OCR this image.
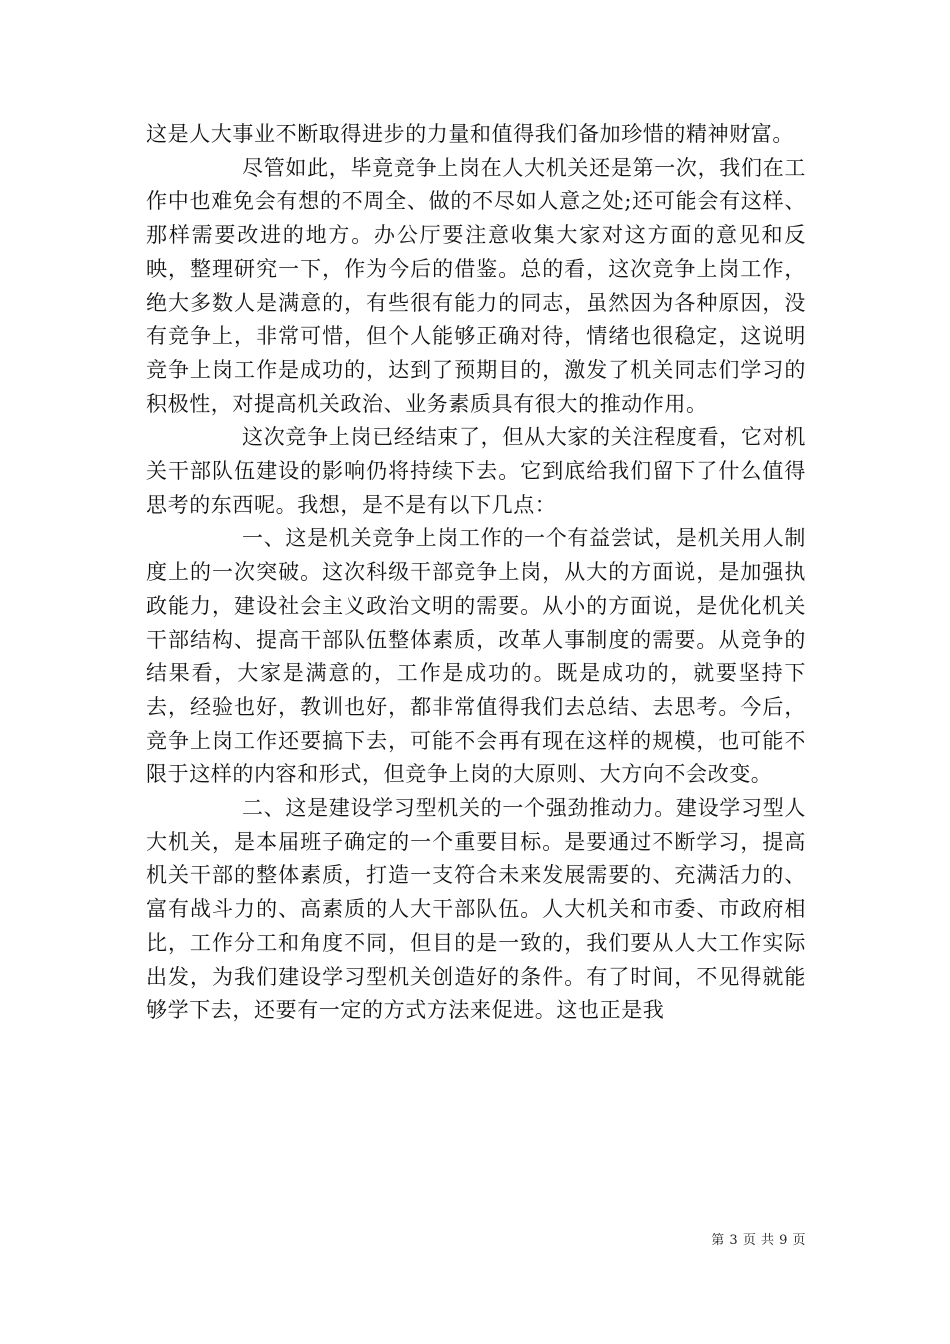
这是人大事业不断取得进步的力量和值得我们备加珍惜的精神财富。

尽管如此，毕竟竞争上岗在人大机关还是第一次，我们在工作中也难免会有想的不周全、做的不尽如人意之处;还可能会有这样、那样需要改进的地方。办公厅要注意收集大家对这方面的意见和反映，整理研究一下，作为今后的借鉴。总的看，这次竞争上岗工作，绝大多数人是满意的，有些很有能力的同志，虽然因为各种原因，没有竞争上，非常可惜，但个人能够正确对待，情绪也很稳定，这说明竞争上岗工作是成功的，达到了预期目的，激发了机关同志们学习的积极性，对提高机关政治、业务素质具有很大的推动作用。

这次竞争上岗已经结束了，但从大家的关注程度看，它对机关干部队伍建设的影响仍将持续下去。它到底给我们留下了什么值得思考的东西呢。我想，是不是有以下几点：

一、这是机关竞争上岗工作的一个有益尝试，是机关用人制度上的一次突破。这次科级干部竞争上岗，从大的方面说，是加强执政能力，建设社会主义政治文明的需要。从小的方面说，是优化机关干部结构、提高干部队伍整体素质，改革人事制度的需要。从竞争的结果看，大家是满意的，工作是成功的。既是成功的，就要坚持下去，经验也好，教训也好，都非常值得我们去总结、去思考。今后，竞争上岗工作还要搞下去，可能不会再有现在这样的规模，也可能不限于这样的内容和形式，但竞争上岗的大原则、大方向不会改变。

二、这是建设学习型机关的一个强劲推动力。建设学习型人大机关，是本届班子确定的一个重要目标。是要通过不断学习，提高机关干部的整体素质，打造一支符合未来发展需要的、充满活力的、富有战斗力的、高素质的人大干部队伍。人大机关和市委、市政府相比，工作分工和角度不同，但目的是一致的，我们要从人大工作实际出发，为我们建设学习型机关创造好的条件。有了时间，不见得就能够学下去，还要有一定的方式方法来促进。这也正是我

第 3 页 共 9 页
